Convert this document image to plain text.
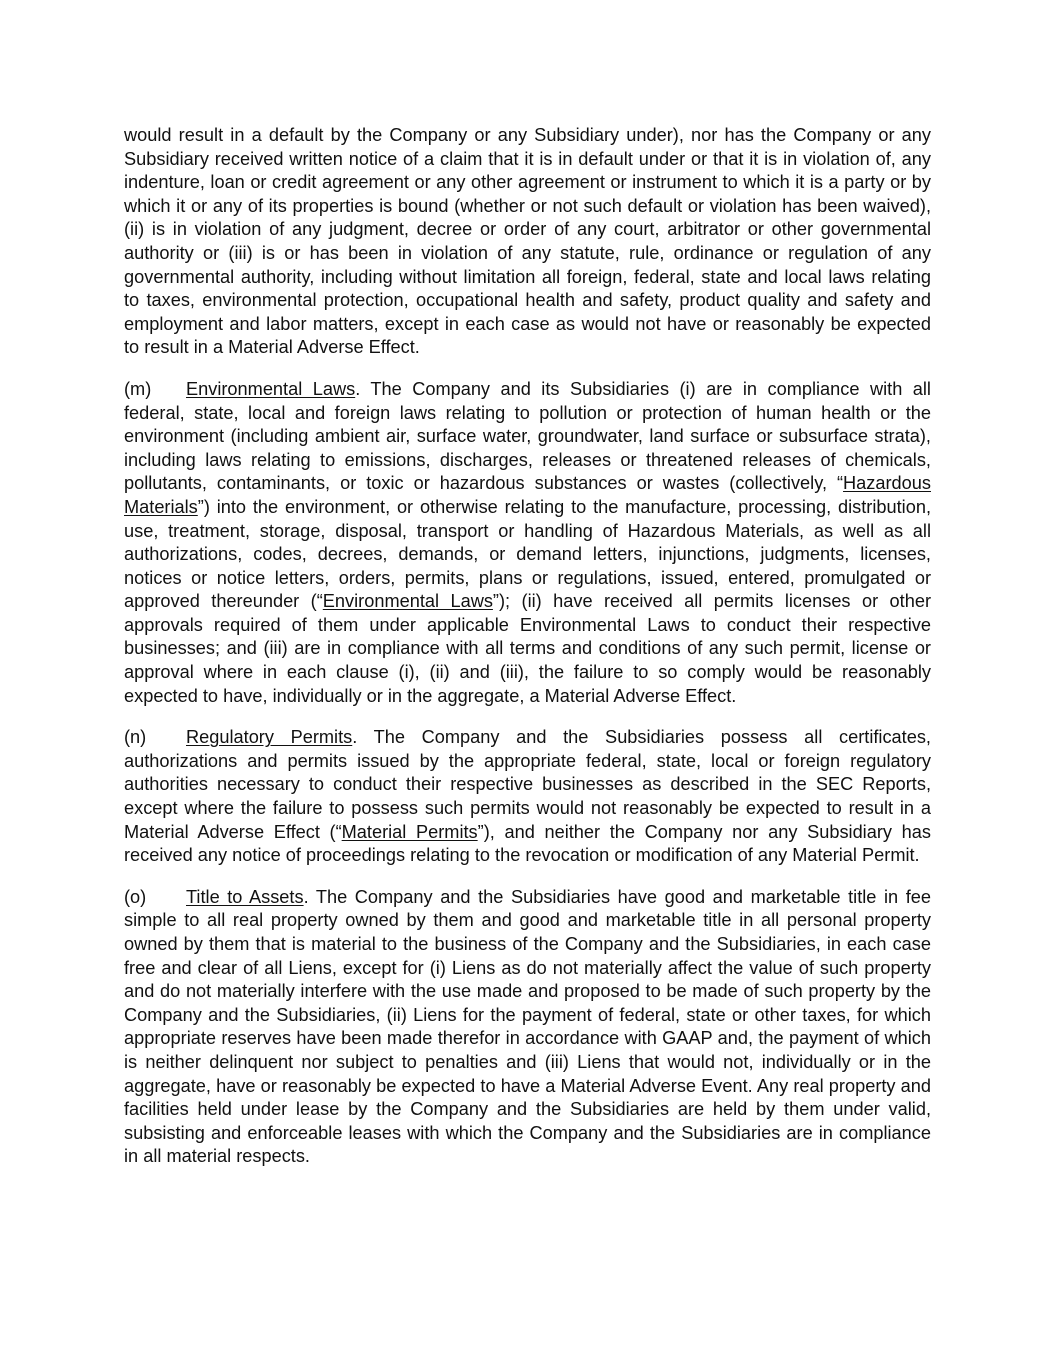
would result in a default by the Company or any Subsidiary under), nor has the Company or any Subsidiary received written notice of a claim that it is in default under or that it is in violation of, any indenture, loan or credit agreement or any other agreement or instrument to which it is a party or by which it or any of its properties is bound (whether or not such default or violation has been waived), (ii) is in violation of any judgment, decree or order of any court, arbitrator or other governmental authority or (iii) is or has been in violation of any statute, rule, ordinance or regulation of any governmental authority, including without limitation all foreign, federal, state and local laws relating to taxes, environmental protection, occupational health and safety, product quality and safety and employment and labor matters, except in each case as would not have or reasonably be expected to result in a Material Adverse Effect.

(m) Environmental Laws. The Company and its Subsidiaries (i) are in compliance with all federal, state, local and foreign laws relating to pollution or protection of human health or the environment (including ambient air, surface water, groundwater, land surface or subsurface strata), including laws relating to emissions, discharges, releases or threatened releases of chemicals, pollutants, contaminants, or toxic or hazardous substances or wastes (collectively, “Hazardous Materials”) into the environment, or otherwise relating to the manufacture, processing, distribution, use, treatment, storage, disposal, transport or handling of Hazardous Materials, as well as all authorizations, codes, decrees, demands, or demand letters, injunctions, judgments, licenses, notices or notice letters, orders, permits, plans or regulations, issued, entered, promulgated or approved thereunder (“Environmental Laws”); (ii) have received all permits licenses or other approvals required of them under applicable Environmental Laws to conduct their respective businesses; and (iii) are in compliance with all terms and conditions of any such permit, license or approval where in each clause (i), (ii) and (iii), the failure to so comply would be reasonably expected to have, individually or in the aggregate, a Material Adverse Effect.

(n) Regulatory Permits. The Company and the Subsidiaries possess all certificates, authorizations and permits issued by the appropriate federal, state, local or foreign regulatory authorities necessary to conduct their respective businesses as described in the SEC Reports, except where the failure to possess such permits would not reasonably be expected to result in a Material Adverse Effect (“Material Permits”), and neither the Company nor any Subsidiary has received any notice of proceedings relating to the revocation or modification of any Material Permit.

(o) Title to Assets. The Company and the Subsidiaries have good and marketable title in fee simple to all real property owned by them and good and marketable title in all personal property owned by them that is material to the business of the Company and the Subsidiaries, in each case free and clear of all Liens, except for (i) Liens as do not materially affect the value of such property and do not materially interfere with the use made and proposed to be made of such property by the Company and the Subsidiaries, (ii) Liens for the payment of federal, state or other taxes, for which appropriate reserves have been made therefor in accordance with GAAP and, the payment of which is neither delinquent nor subject to penalties and (iii) Liens that would not, individually or in the aggregate, have or reasonably be expected to have a Material Adverse Event. Any real property and facilities held under lease by the Company and the Subsidiaries are held by them under valid, subsisting and enforceable leases with which the Company and the Subsidiaries are in compliance in all material respects.
